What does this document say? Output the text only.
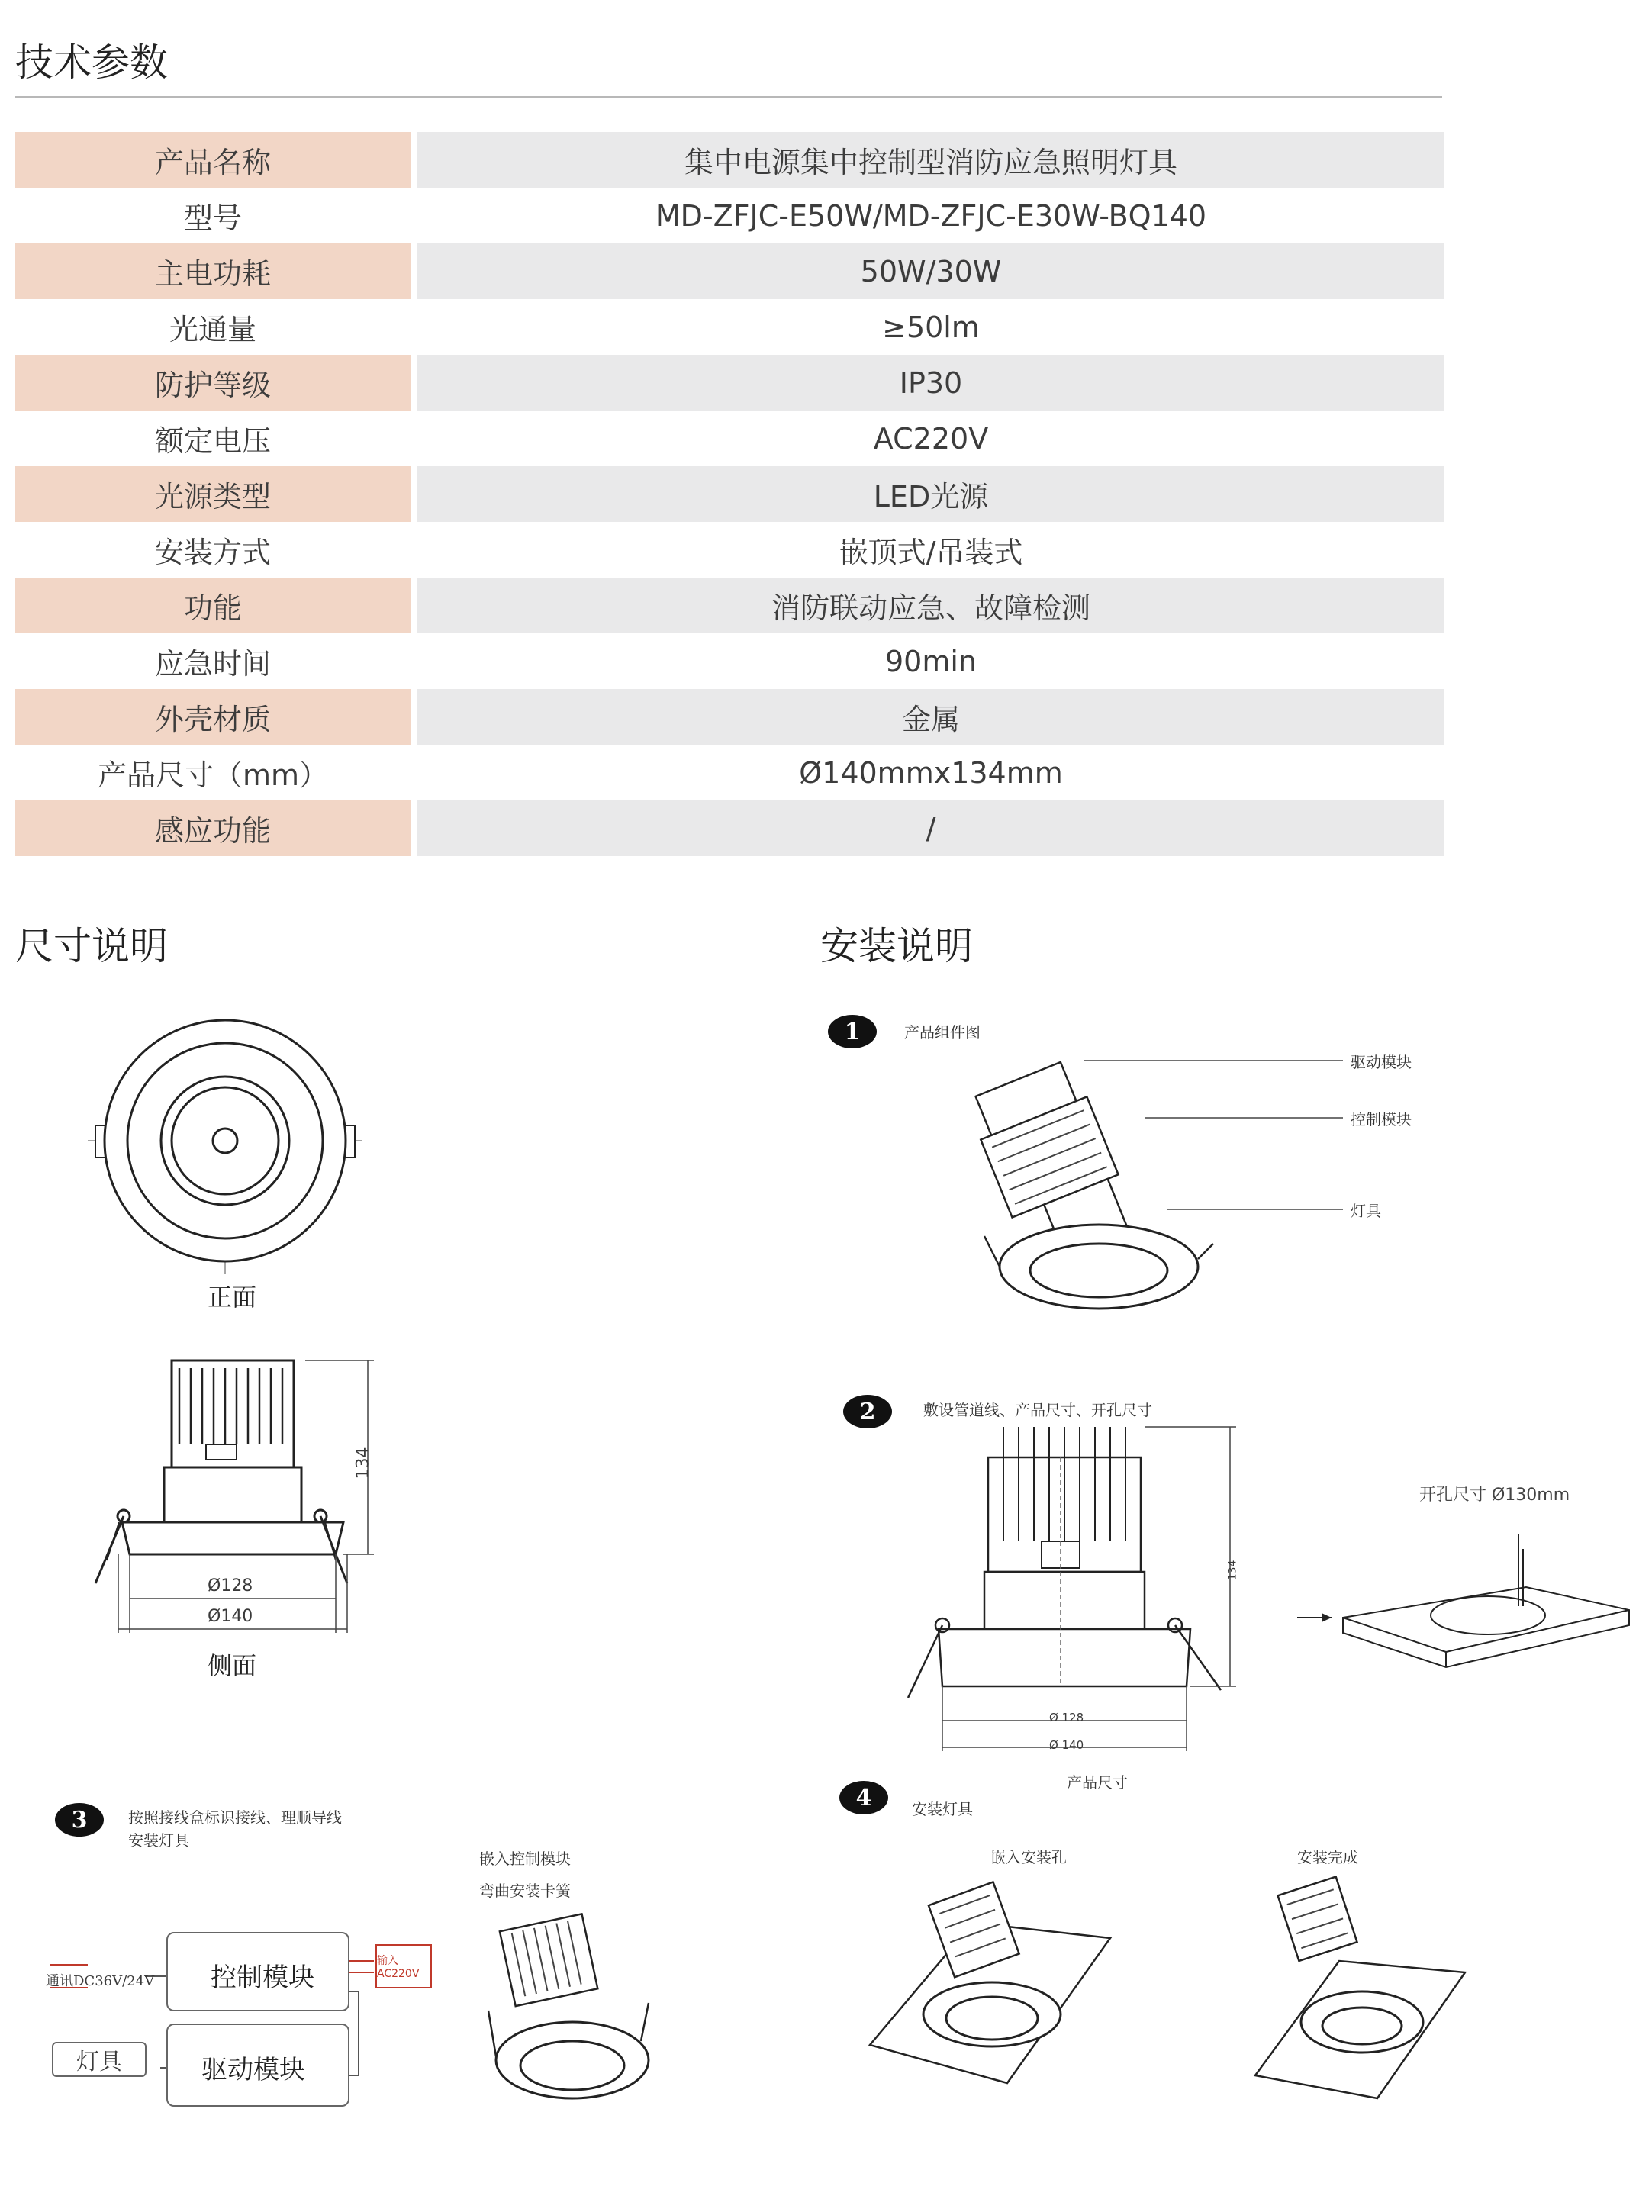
技术参数
产品名称	集中电源集中控制型消防应急照明灯具
型号	MD-ZFJC-E50W/MD-ZFJC-E30W-BQ140
主电功耗	50W/30W
光通量	≥50lm
防护等级	IP30
额定电压	AC220V
光源类型	LED光源
安装方式	嵌顶式/吊装式
功能	消防联动应急、故障检测
应急时间	90min
外壳材质	金属
产品尺寸（mm）	Ø140mmx134mm
感应功能	/
尺寸说明
正面
134
Ø128
Ø140
侧面
安装说明
1	产品组件图
驱动模块
控制模块
灯具
2	敷设管道线、产品尺寸、开孔尺寸
134
Ø 128
Ø 140
产品尺寸
开孔尺寸 Ø130mm
3	按照接线盒标识接线、理顺导线
安装灯具
嵌入控制模块
弯曲安装卡簧
通讯DC36V/24V 控制模块
驱动模块
灯具
输入AC220V
4	安装灯具
嵌入安装孔	安装完成
